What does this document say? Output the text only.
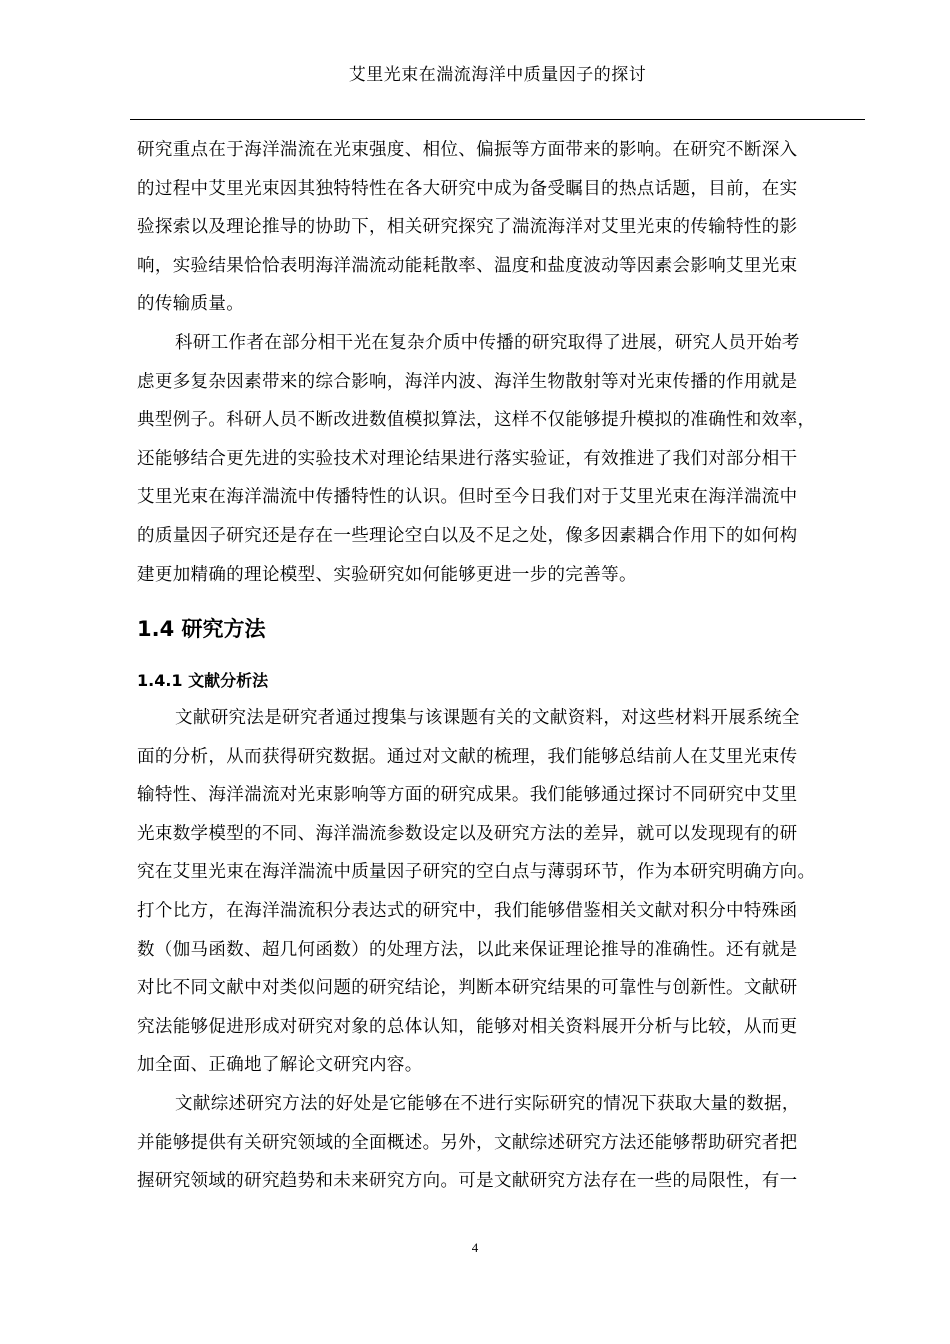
艾里光束在湍流海洋中质量因子的探讨
研究重点在于海洋湍流在光束强度、相位、偏振等方面带来的影响。在研究不断深入
的过程中艾里光束因其独特特性在各大研究中成为备受瞩目的热点话题，目前，在实
验探索以及理论推导的协助下，相关研究探究了湍流海洋对艾里光束的传输特性的影
响，实验结果恰恰表明海洋湍流动能耗散率、温度和盐度波动等因素会影响艾里光束
的传输质量。
科研工作者在部分相干光在复杂介质中传播的研究取得了进展，研究人员开始考
虑更多复杂因素带来的综合影响，海洋内波、海洋生物散射等对光束传播的作用就是
典型例子。科研人员不断改进数值模拟算法，这样不仅能够提升模拟的准确性和效率，
还能够结合更先进的实验技术对理论结果进行落实验证，有效推进了我们对部分相干
艾里光束在海洋湍流中传播特性的认识。但时至今日我们对于艾里光束在海洋湍流中
的质量因子研究还是存在一些理论空白以及不足之处，像多因素耦合作用下的如何构
建更加精确的理论模型、实验研究如何能够更进一步的完善等。
1.4 研究方法
1.4.1 文献分析法
文献研究法是研究者通过搜集与该课题有关的文献资料，对这些材料开展系统全
面的分析，从而获得研究数据。通过对文献的梳理，我们能够总结前人在艾里光束传
输特性、海洋湍流对光束影响等方面的研究成果。我们能够通过探讨不同研究中艾里
光束数学模型的不同、海洋湍流参数设定以及研究方法的差异，就可以发现现有的研
究在艾里光束在海洋湍流中质量因子研究的空白点与薄弱环节，作为本研究明确方向。
打个比方，在海洋湍流积分表达式的研究中，我们能够借鉴相关文献对积分中特殊函
数（伽马函数、超几何函数）的处理方法，以此来保证理论推导的准确性。还有就是
对比不同文献中对类似问题的研究结论，判断本研究结果的可靠性与创新性。文献研
究法能够促进形成对研究对象的总体认知，能够对相关资料展开分析与比较，从而更
加全面、正确地了解论文研究内容。
文献综述研究方法的好处是它能够在不进行实际研究的情况下获取大量的数据，
并能够提供有关研究领域的全面概述。另外，文献综述研究方法还能够帮助研究者把
握研究领域的研究趋势和未来研究方向。可是文献研究方法存在一些的局限性，有一
4
